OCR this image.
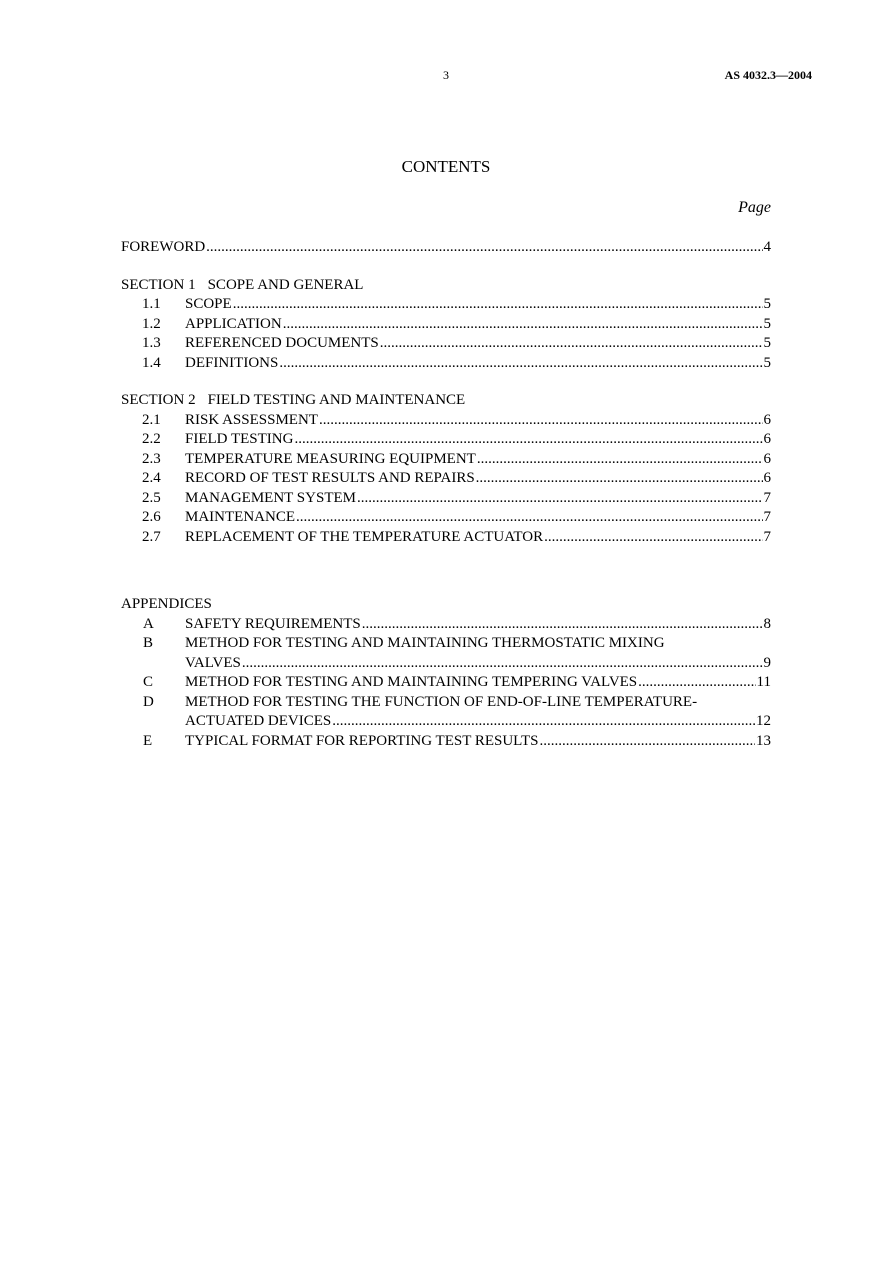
3	AS 4032.3—2004
CONTENTS
Page
FOREWORD .....	4
SECTION 1 SCOPE AND GENERAL
1.1	SCOPE .....	5
1.2	APPLICATION .....	5
1.3	REFERENCED DOCUMENTS .....	5
1.4	DEFINITIONS .....	5
SECTION 2 FIELD TESTING AND MAINTENANCE
2.1	RISK ASSESSMENT .....	6
2.2	FIELD TESTING .....	6
2.3	TEMPERATURE MEASURING EQUIPMENT .....	6
2.4	RECORD OF TEST RESULTS AND REPAIRS .....	6
2.5	MANAGEMENT SYSTEM .....	7
2.6	MAINTENANCE .....	7
2.7	REPLACEMENT OF THE TEMPERATURE ACTUATOR .....	7
APPENDICES
A	SAFETY REQUIREMENTS .....	8
B	METHOD FOR TESTING AND MAINTAINING THERMOSTATIC MIXING
VALVES .....	9
C	METHOD FOR TESTING AND MAINTAINING TEMPERING VALVES .....	11
D	METHOD FOR TESTING THE FUNCTION OF END-OF-LINE TEMPERATURE-
ACTUATED DEVICES .....	12
E	TYPICAL FORMAT FOR REPORTING TEST RESULTS .....	13
